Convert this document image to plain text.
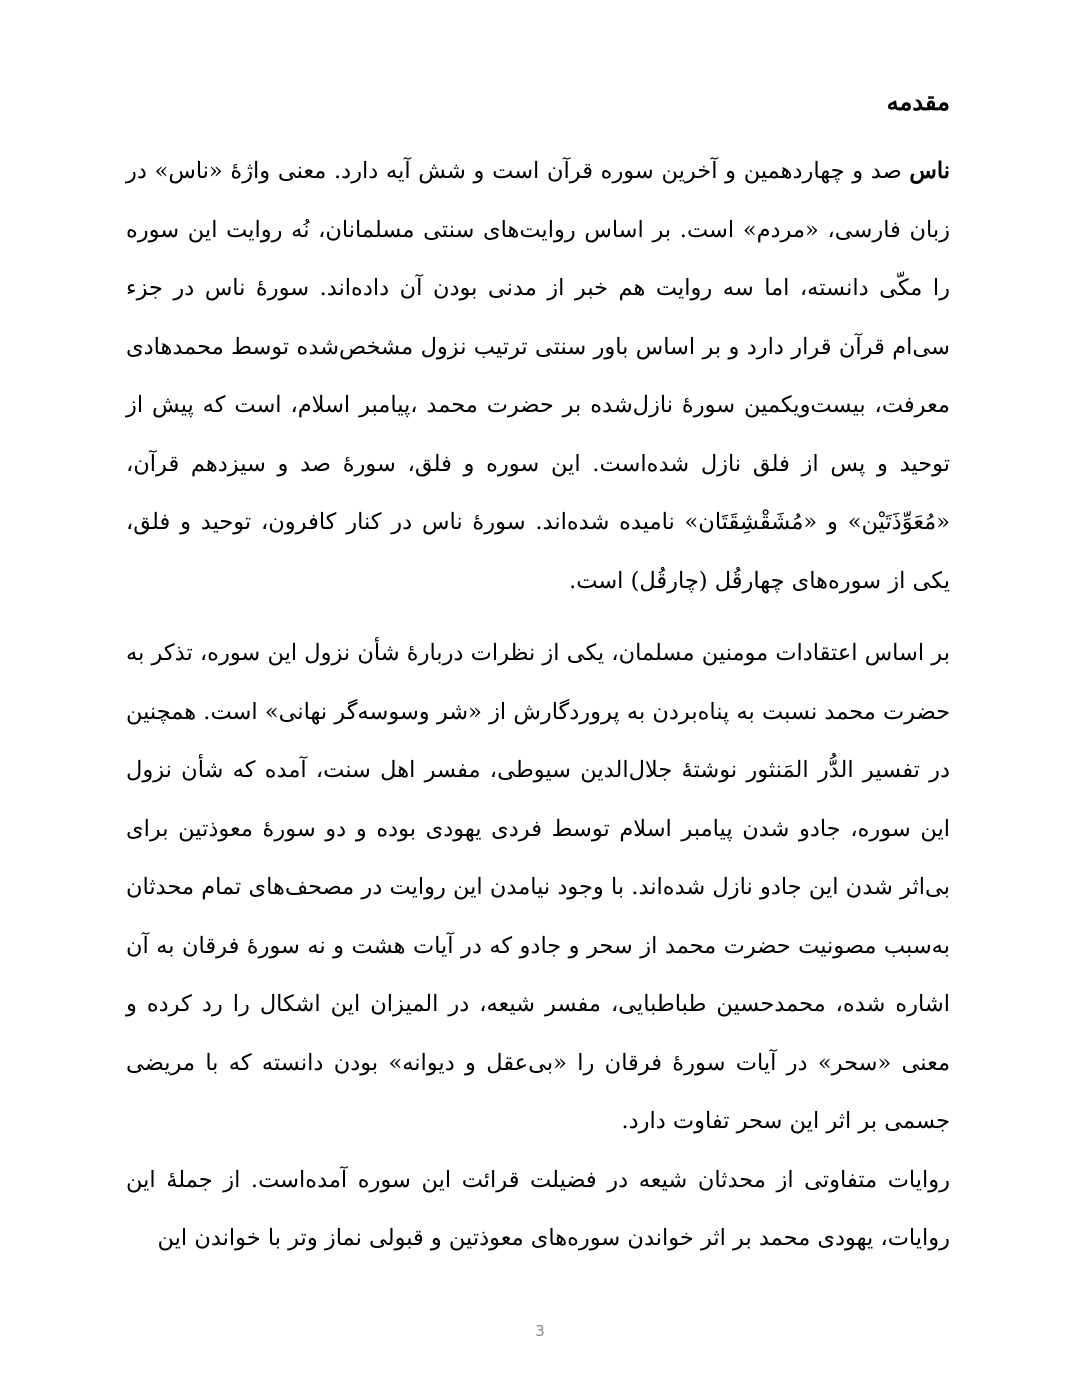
مقدمه

ناس صد و چهاردهمین و آخرین سوره قرآن است و شش آیه دارد. معنی واژهٔ «ناس» در زبان فارسی، «مردم» است. بر اساس روایت‌های سنتی مسلمانان، نُه روایت این سوره را مکّی دانسته، اما سه روایت هم خبر از مدنی بودن آن داده‌اند. سورهٔ ناس در جزء سی‌ام قرآن قرار دارد و بر اساس باور سنتی ترتیب نزول مشخص‌شده توسط محمدهادی معرفت، بیست‌ویکمین سورهٔ نازل‌شده بر حضرت محمد ،پیامبر اسلام، است که پیش از توحید و پس از فلق نازل شده‌است. این سوره و فلق، سورهٔ صد و سیزدهم قرآن، «مُعَوِّذَتَیْن» و «مُشَقْشِقَتَان» نامیده شده‌اند. سورهٔ ناس در کنار کافرون، توحید و فلق، یکی از سوره‌های چهارقُل (چارقُل) است.

بر اساس اعتقادات مومنین مسلمان، یکی از نظرات دربارهٔ شأن نزول این سوره، تذکر به حضرت محمد نسبت به پناه‌بردن به پروردگارش از «شر وسوسه‌گر نهانی» است. همچنین در تفسیر الدُّر المَنثور نوشتهٔ جلال‌الدین سیوطی، مفسر اهل سنت، آمده که شأن نزول این سوره، جادو شدن پیامبر اسلام توسط فردی یهودی بوده و دو سورهٔ معوذتین برای بی‌اثر شدن این جادو نازل شده‌اند. با وجود نیامدن این روایت در مصحف‌های تمام محدثان به‌سبب مصونیت حضرت محمد از سحر و جادو که در آیات هشت و نه سورهٔ فرقان به آن اشاره شده، محمدحسین طباطبایی، مفسر شیعه، در المیزان این اشکال را رد کرده و معنی «سحر» در آیات سورهٔ فرقان را «بی‌عقل و دیوانه» بودن دانسته که با مریضی جسمی بر اثر این سحر تفاوت دارد.

روایات متفاوتی از محدثان شیعه در فضیلت قرائت این سوره آمده‌است. از جملهٔ این روایات، یهودی محمد بر اثر خواندن سوره‌های معوذتین و قبولی نماز وتر با خواندن این

3
